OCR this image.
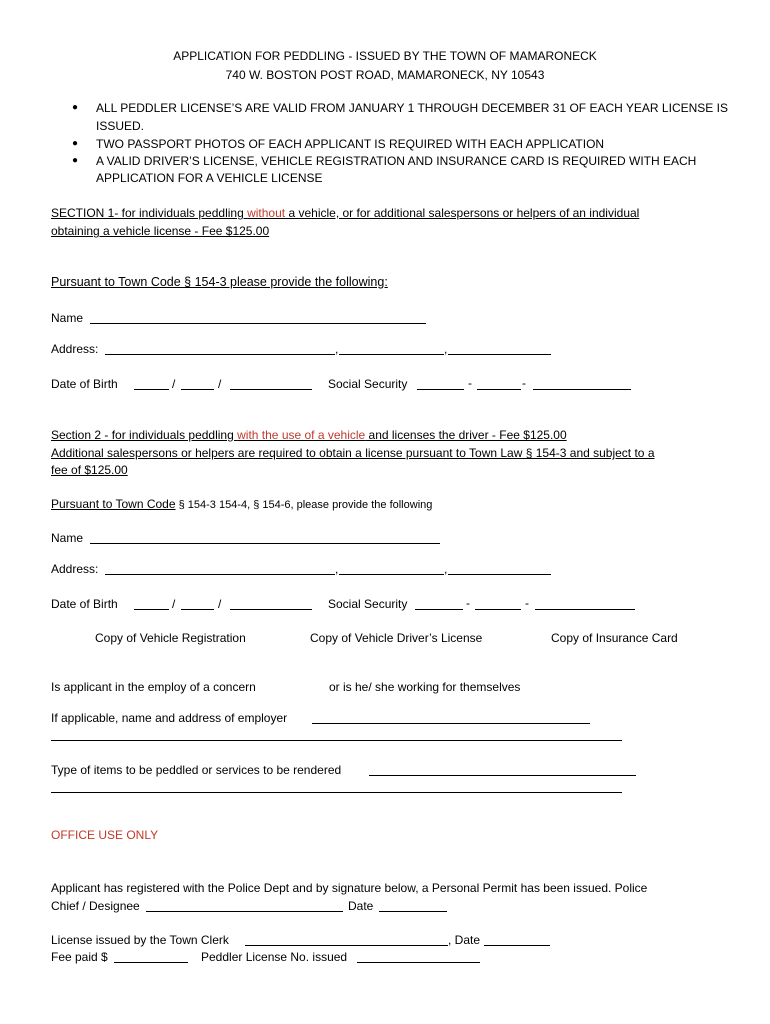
APPLICATION FOR PEDDLING - ISSUED BY THE TOWN OF MAMARONECK
740 W. BOSTON POST ROAD, MAMARONECK, NY 10543
● ALL PEDDLER LICENSE’S ARE VALID FROM JANUARY 1 THROUGH DECEMBER 31 OF EACH YEAR LICENSE IS
ISSUED.
● TWO PASSPORT PHOTOS OF EACH APPLICANT IS REQUIRED WITH EACH APPLICATION
● A VALID DRIVER’S LICENSE, VEHICLE REGISTRATION AND INSURANCE CARD IS REQUIRED WITH EACH
APPLICATION FOR A VEHICLE LICENSE
SECTION 1- for individuals peddling without a vehicle, or for additional salespersons or helpers of an individual
obtaining a vehicle license - Fee $125.00
Pursuant to Town Code § 154-3 please provide the following:
Name
Address:	,	,
Date of Birth	/	/	Social Security	-	-
Section 2 - for individuals peddling with the use of a vehicle and licenses the driver - Fee $125.00
Additional salespersons or helpers are required to obtain a license pursuant to Town Law § 154-3 and subject to a
fee of $125.00
Pursuant to Town Code § 154-3 154-4, § 154-6, please provide the following
Name
Address:	,	,
Date of Birth	/	/	Social Security	-	-
Copy of Vehicle Registration	Copy of Vehicle Driver’s License	Copy of Insurance Card
Is applicant in the employ of a concern	or is he/ she working for themselves
If applicable, name and address of employer
Type of items to be peddled or services to be rendered
OFFICE USE ONLY
Applicant has registered with the Police Dept and by signature below, a Personal Permit has been issued. Police
Chief / Designee	Date
License issued by the Town Clerk	, Date
Fee paid $	Peddler License No. issued
